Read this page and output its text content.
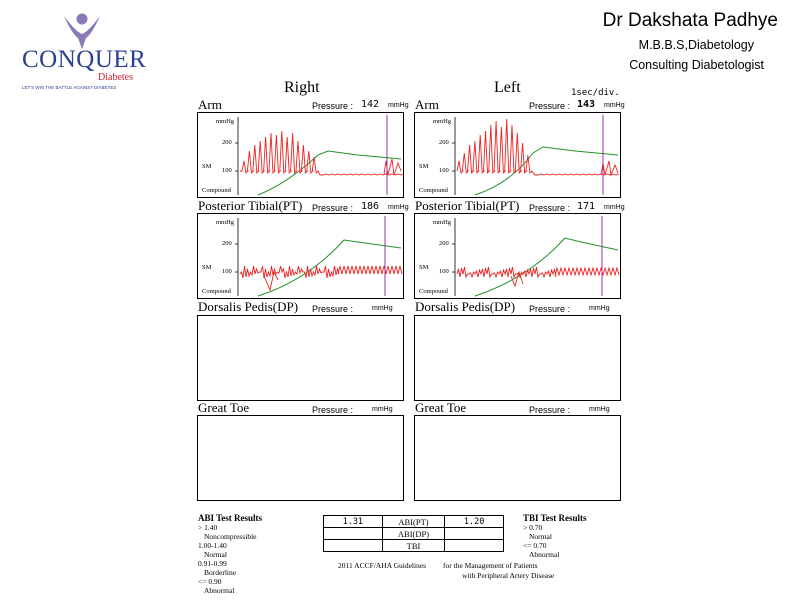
CONQUER
Diabetes
LET'S WIN THE BATTLE AGAINST DIABETES
Dr Dakshata Padhye
M.B.B.S,Diabetology
Consulting Diabetologist
Right	Left	1sec/div.
Arm	Pressure : 142 mmHg Arm	Pressure : 143 mmHg
mmHg
200
100
SM
Compound
mmHg
200
100
SM
Compound
Posterior Tibial(PT) Pressure : 186 mmHg Posterior Tibial(PT) Pressure : 171 mmHg
mmHg
200
100
SM
Compound
mmHg
200
100
SM
Compound
Dorsalis Pedis(DP) Pressure :	mmHg Dorsalis Pedis(DP) Pressure :	mmHg
Great Toe	Pressure :	mmHg Great Toe	Pressure :	mmHg
ABI Test Results
> 1.40
Noncompressible
1.00-1.40
Normal
0.91-0.99
Borderline
<= 0.90
Abnormal
1.31	ABI(PT)	1.20
	ABI(DP)	
	TBI	
2011 ACCF/AHA Guidelines for the Management of Patients
with Peripheral Artery Disease
TBI Test Results
> 0.70
Normal
<= 0.70
Abnormal
